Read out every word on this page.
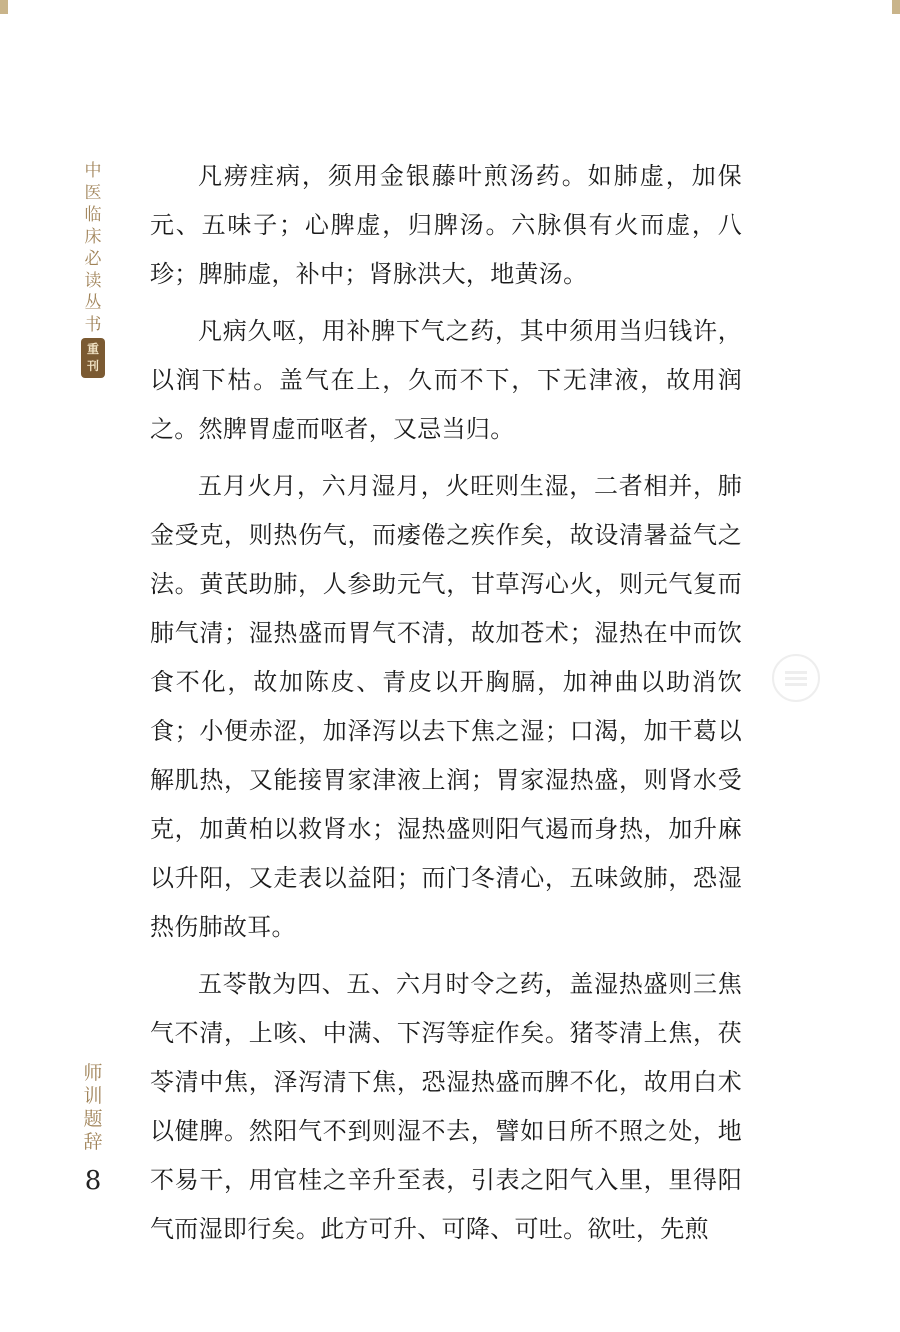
中
医
临
床
必
读
丛
书
重
刊
师
训
题
辞
8

凡痨疰病，须用金银藤叶煎汤药。如肺虚，加保元、五味子；心脾虚，归脾汤。六脉俱有火而虚，八珍；脾肺虚，补中；肾脉洪大，地黄汤。

凡病久呕，用补脾下气之药，其中须用当归钱许，以润下枯。盖气在上，久而不下，下无津液，故用润之。然脾胃虚而呕者，又忌当归。

五月火月，六月湿月，火旺则生湿，二者相并，肺金受克，则热伤气，而痿倦之疾作矣，故设清暑益气之法。黄芪助肺，人参助元气，甘草泻心火，则元气复而肺气清；湿热盛而胃气不清，故加苍术；湿热在中而饮食不化，故加陈皮、青皮以开胸膈，加神曲以助消饮食；小便赤涩，加泽泻以去下焦之湿；口渴，加干葛以解肌热，又能接胃家津液上润；胃家湿热盛，则肾水受克，加黄柏以救肾水；湿热盛则阳气遏而身热，加升麻以升阳，又走表以益阳；而门冬清心，五味敛肺，恐湿热伤肺故耳。

五苓散为四、五、六月时令之药，盖湿热盛则三焦气不清，上咳、中满、下泻等症作矣。猪苓清上焦，茯苓清中焦，泽泻清下焦，恐湿热盛而脾不化，故用白术以健脾。然阳气不到则湿不去，譬如日所不照之处，地不易干，用官桂之辛升至表，引表之阳气入里，里得阳气而湿即行矣。此方可升、可降、可吐。欲吐，先煎
